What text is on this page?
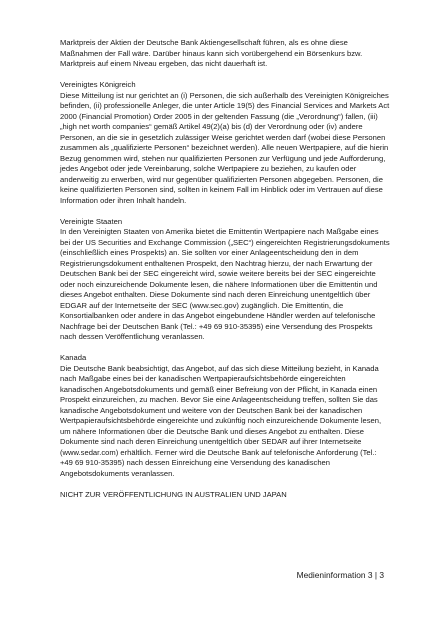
Marktpreis der Aktien der Deutsche Bank Aktiengesellschaft führen, als es ohne diese Maßnahmen der Fall wäre. Darüber hinaus kann sich vorübergehend ein Börsenkurs bzw. Marktpreis auf einem Niveau ergeben, das nicht dauerhaft ist.

Vereinigtes Königreich

Diese Mitteilung ist nur gerichtet an (i) Personen, die sich außerhalb des Vereinigten Königreiches befinden, (ii) professionelle Anleger, die unter Article 19(5) des Financial Services and Markets Act 2000 (Financial Promotion) Order 2005 in der geltenden Fassung (die „Verordnung“) fallen, (iii) „high net worth companies“ gemäß Artikel 49(2)(a) bis (d) der Verordnung oder (iv) andere Personen, an die sie in gesetzlich zulässiger Weise gerichtet werden darf (wobei diese Personen zusammen als „qualifizierte Personen“ bezeichnet werden). Alle neuen Wertpapiere, auf die hierin Bezug genommen wird, stehen nur qualifizierten Personen zur Verfügung und jede Aufforderung, jedes Angebot oder jede Vereinbarung, solche Wertpapiere zu beziehen, zu kaufen oder anderweitig zu erwerben, wird nur gegenüber qualifizierten Personen abgegeben. Personen, die keine qualifizierten Personen sind, sollten in keinem Fall im Hinblick oder im Vertrauen auf diese Information oder ihren Inhalt handeln.

Vereinigte Staaten

In den Vereinigten Staaten von Amerika bietet die Emittentin Wertpapiere nach Maßgabe eines bei der US Securities and Exchange Commission („SEC“) eingereichten Registrierungsdokuments (einschließlich eines Prospekts) an. Sie sollten vor einer Anlageentscheidung den in dem Registrierungsdokument enthaltenen Prospekt, den Nachtrag hierzu, der nach Erwartung der Deutschen Bank bei der SEC eingereicht wird, sowie weitere bereits bei der SEC eingereichte oder noch einzureichende Dokumente lesen, die nähere Informationen über die Emittentin und dieses Angebot enthalten. Diese Dokumente sind nach deren Einreichung unentgeltlich über EDGAR auf der Internetseite der SEC (www.sec.gov) zugänglich. Die Emittentin, die Konsortialbanken oder andere in das Angebot eingebundene Händler werden auf telefonische Nachfrage bei der Deutschen Bank (Tel.: +49 69 910-35395) eine Versendung des Prospekts nach dessen Veröffentlichung veranlassen.

Kanada

Die Deutsche Bank beabsichtigt, das Angebot, auf das sich diese Mitteilung bezieht, in Kanada nach Maßgabe eines bei der kanadischen Wertpapieraufsichtsbehörde eingereichten kanadischen Angebotsdokuments und gemäß einer Befreiung von der Pflicht, in Kanada einen Prospekt einzureichen, zu machen. Bevor Sie eine Anlageentscheidung treffen, sollten Sie das kanadische Angebotsdokument und weitere von der Deutschen Bank bei der kanadischen Wertpapieraufsichtsbehörde eingereichte und zukünftig noch einzureichende Dokumente lesen, um nähere Informationen über die Deutsche Bank und dieses Angebot zu enthalten. Diese Dokumente sind nach deren Einreichung unentgeltlich über SEDAR auf ihrer Internetseite (www.sedar.com) erhältlich. Ferner wird die Deutsche Bank auf telefonische Anforderung (Tel.: +49 69 910-35395) nach dessen Einreichung eine Versendung des kanadischen Angebotsdokuments veranlassen.

NICHT ZUR VERÖFFENTLICHUNG IN AUSTRALIEN UND JAPAN

Medieninformation 3 | 3
